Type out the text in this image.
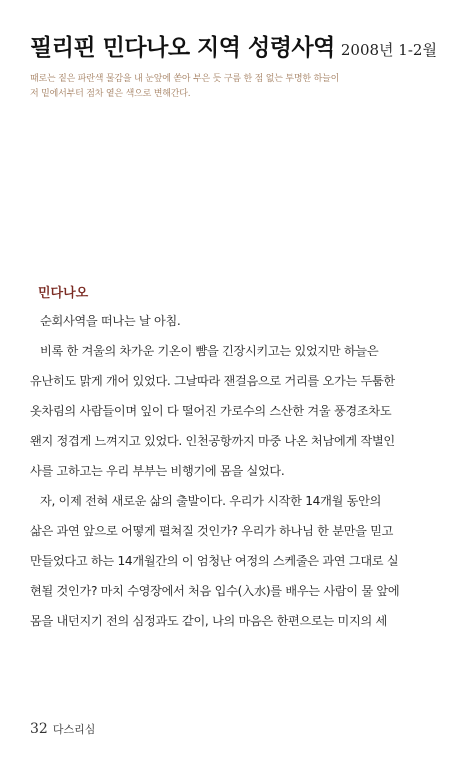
필리핀 민다나오 지역 성령사역 2008년 1-2월
때로는 짙은 파란색 물감을 내 눈앞에 쏟아 부은 듯 구름 한 점 없는 투명한 하늘이
저 밑에서부터 점차 옅은 색으로 변해간다.
민다나오
순회사역을 떠나는 날 아침.
비록 한 겨울의 차가운 기온이 뺨을 긴장시키고는 있었지만 하늘은
유난히도 맑게 개어 있었다. 그날따라 잰걸음으로 거리를 오가는 두툼한
옷차림의 사람들이며 잎이 다 떨어진 가로수의 스산한 겨울 풍경조차도
왠지 정겹게 느껴지고 있었다. 인천공항까지 마중 나온 처남에게 작별인
사를 고하고는 우리 부부는 비행기에 몸을 실었다.
자, 이제 전혀 새로운 삶의 출발이다. 우리가 시작한 14개월 동안의
삶은 과연 앞으로 어떻게 펼쳐질 것인가? 우리가 하나님 한 분만을 믿고
만들었다고 하는 14개월간의 이 엄청난 여정의 스케줄은 과연 그대로 실
현될 것인가? 마치 수영장에서 처음 입수(入水)를 배우는 사람이 물 앞에
몸을 내던지기 전의 심정과도 같이, 나의 마음은 한편으로는 미지의 세
32 다스리심
